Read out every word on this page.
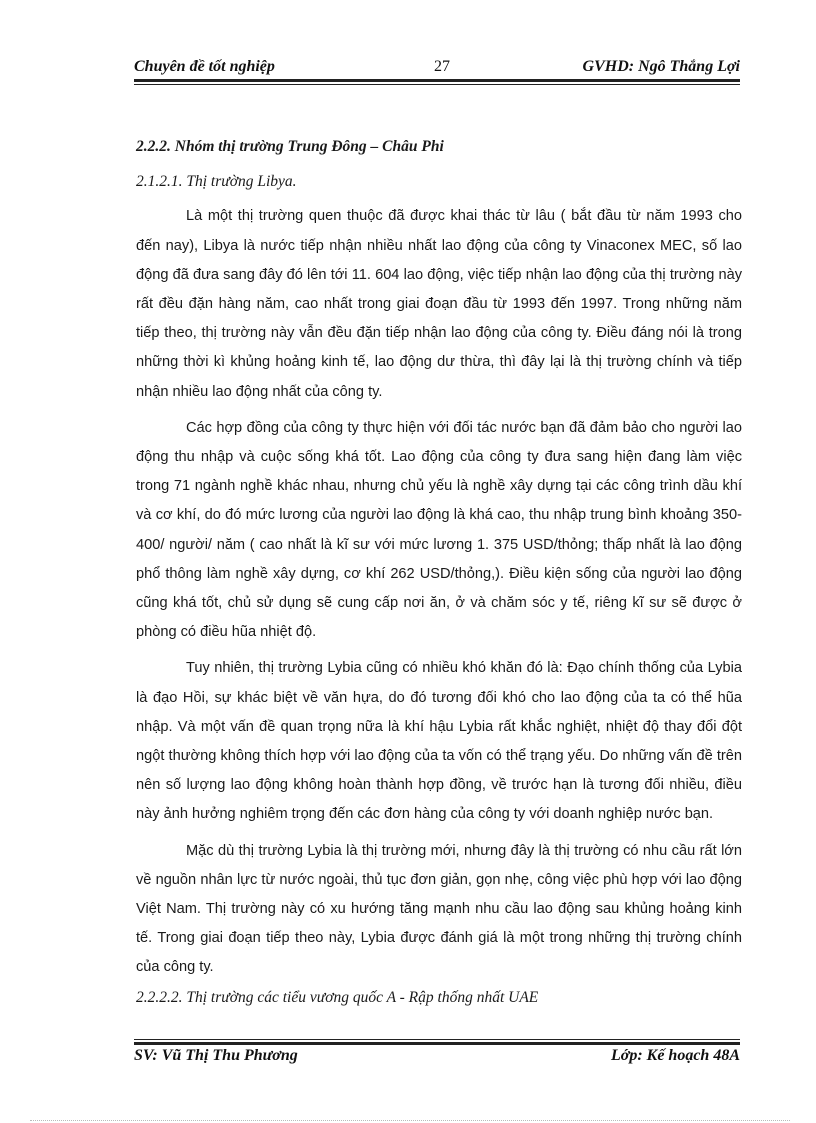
Chuyên đề tốt nghiệp	27	GVHD: Ngô Thắng Lợi

2.2.2. Nhóm thị trường Trung Đông – Châu Phi

2.1.2.1. Thị trường Libya.

Là một thị trường quen thuộc đã được khai thác từ lâu ( bắt đầu từ năm 1993 cho đến nay), Libya là nước tiếp nhận nhiều nhất lao động của công ty Vinaconex MEC, số lao động đã đưa sang đây đó lên tới 11. 604 lao động, việc tiếp nhận lao động của thị trường này rất đều đặn hàng năm, cao nhất trong giai đoạn đầu từ 1993 đến 1997. Trong những năm tiếp theo, thị trường này vẫn đều đặn tiếp nhận lao động của công ty. Điều đáng nói là trong những thời kì khủng hoảng kinh tế, lao động dư thừa, thì đây lại là thị trường chính và tiếp nhận nhiều lao động nhất của công ty.

Các hợp đồng của công ty thực hiện với đối tác nước bạn đã đảm bảo cho người lao động thu nhập và cuộc sống khá tốt. Lao động của công ty đưa sang hiện đang làm việc trong 71 ngành nghề khác nhau, nhưng chủ yếu là nghề xây dựng tại các công trình dầu khí và cơ khí, do đó mức lương của người lao động là khá cao, thu nhập trung bình khoảng 350-400/ người/ năm ( cao nhất là kĩ sư với mức lương 1. 375 USD/thỏng; thấp nhất là lao động phổ thông làm nghề xây dựng, cơ khí 262 USD/thỏng,). Điều kiện sống của người lao động cũng khá tốt, chủ sử dụng sẽ cung cấp nơi ăn, ở và chăm sóc y tế, riêng kĩ sư sẽ được ở phòng có điều hũa nhiệt độ.

Tuy nhiên, thị trường Lybia cũng có nhiều khó khăn đó là: Đạo chính thống của Lybia là đạo Hồi, sự khác biệt về văn hựa, do đó tương đối khó cho lao động của ta có thể hũa nhập. Và một vấn đề quan trọng nữa là khí hậu Lybia rất khắc nghiệt, nhiệt độ thay đổi đột ngột thường không thích hợp với lao động của ta vốn có thể trạng yếu. Do những vấn đề trên nên số lượng lao động không hoàn thành hợp đồng, về trước hạn là tương đối nhiều, điều này ảnh hưởng nghiêm trọng đến các đơn hàng của công ty với doanh nghiệp nước bạn.

Mặc dù thị trường Lybia là thị trường mới, nhưng đây là thị trường có nhu cầu rất lớn về nguồn nhân lực từ nước ngoài, thủ tục đơn giản, gọn nhẹ, công việc phù hợp với lao động Việt Nam. Thị trường này có xu hướng tăng mạnh nhu cầu lao động sau khủng hoảng kinh tế. Trong giai đoạn tiếp theo này, Lybia được đánh giá là một trong những thị trường chính của công ty.

2.2.2.2. Thị trường các tiểu vương quốc A - Rập thống nhất UAE

SV: Vũ Thị Thu Phương	Lớp: Kế hoạch 48A
